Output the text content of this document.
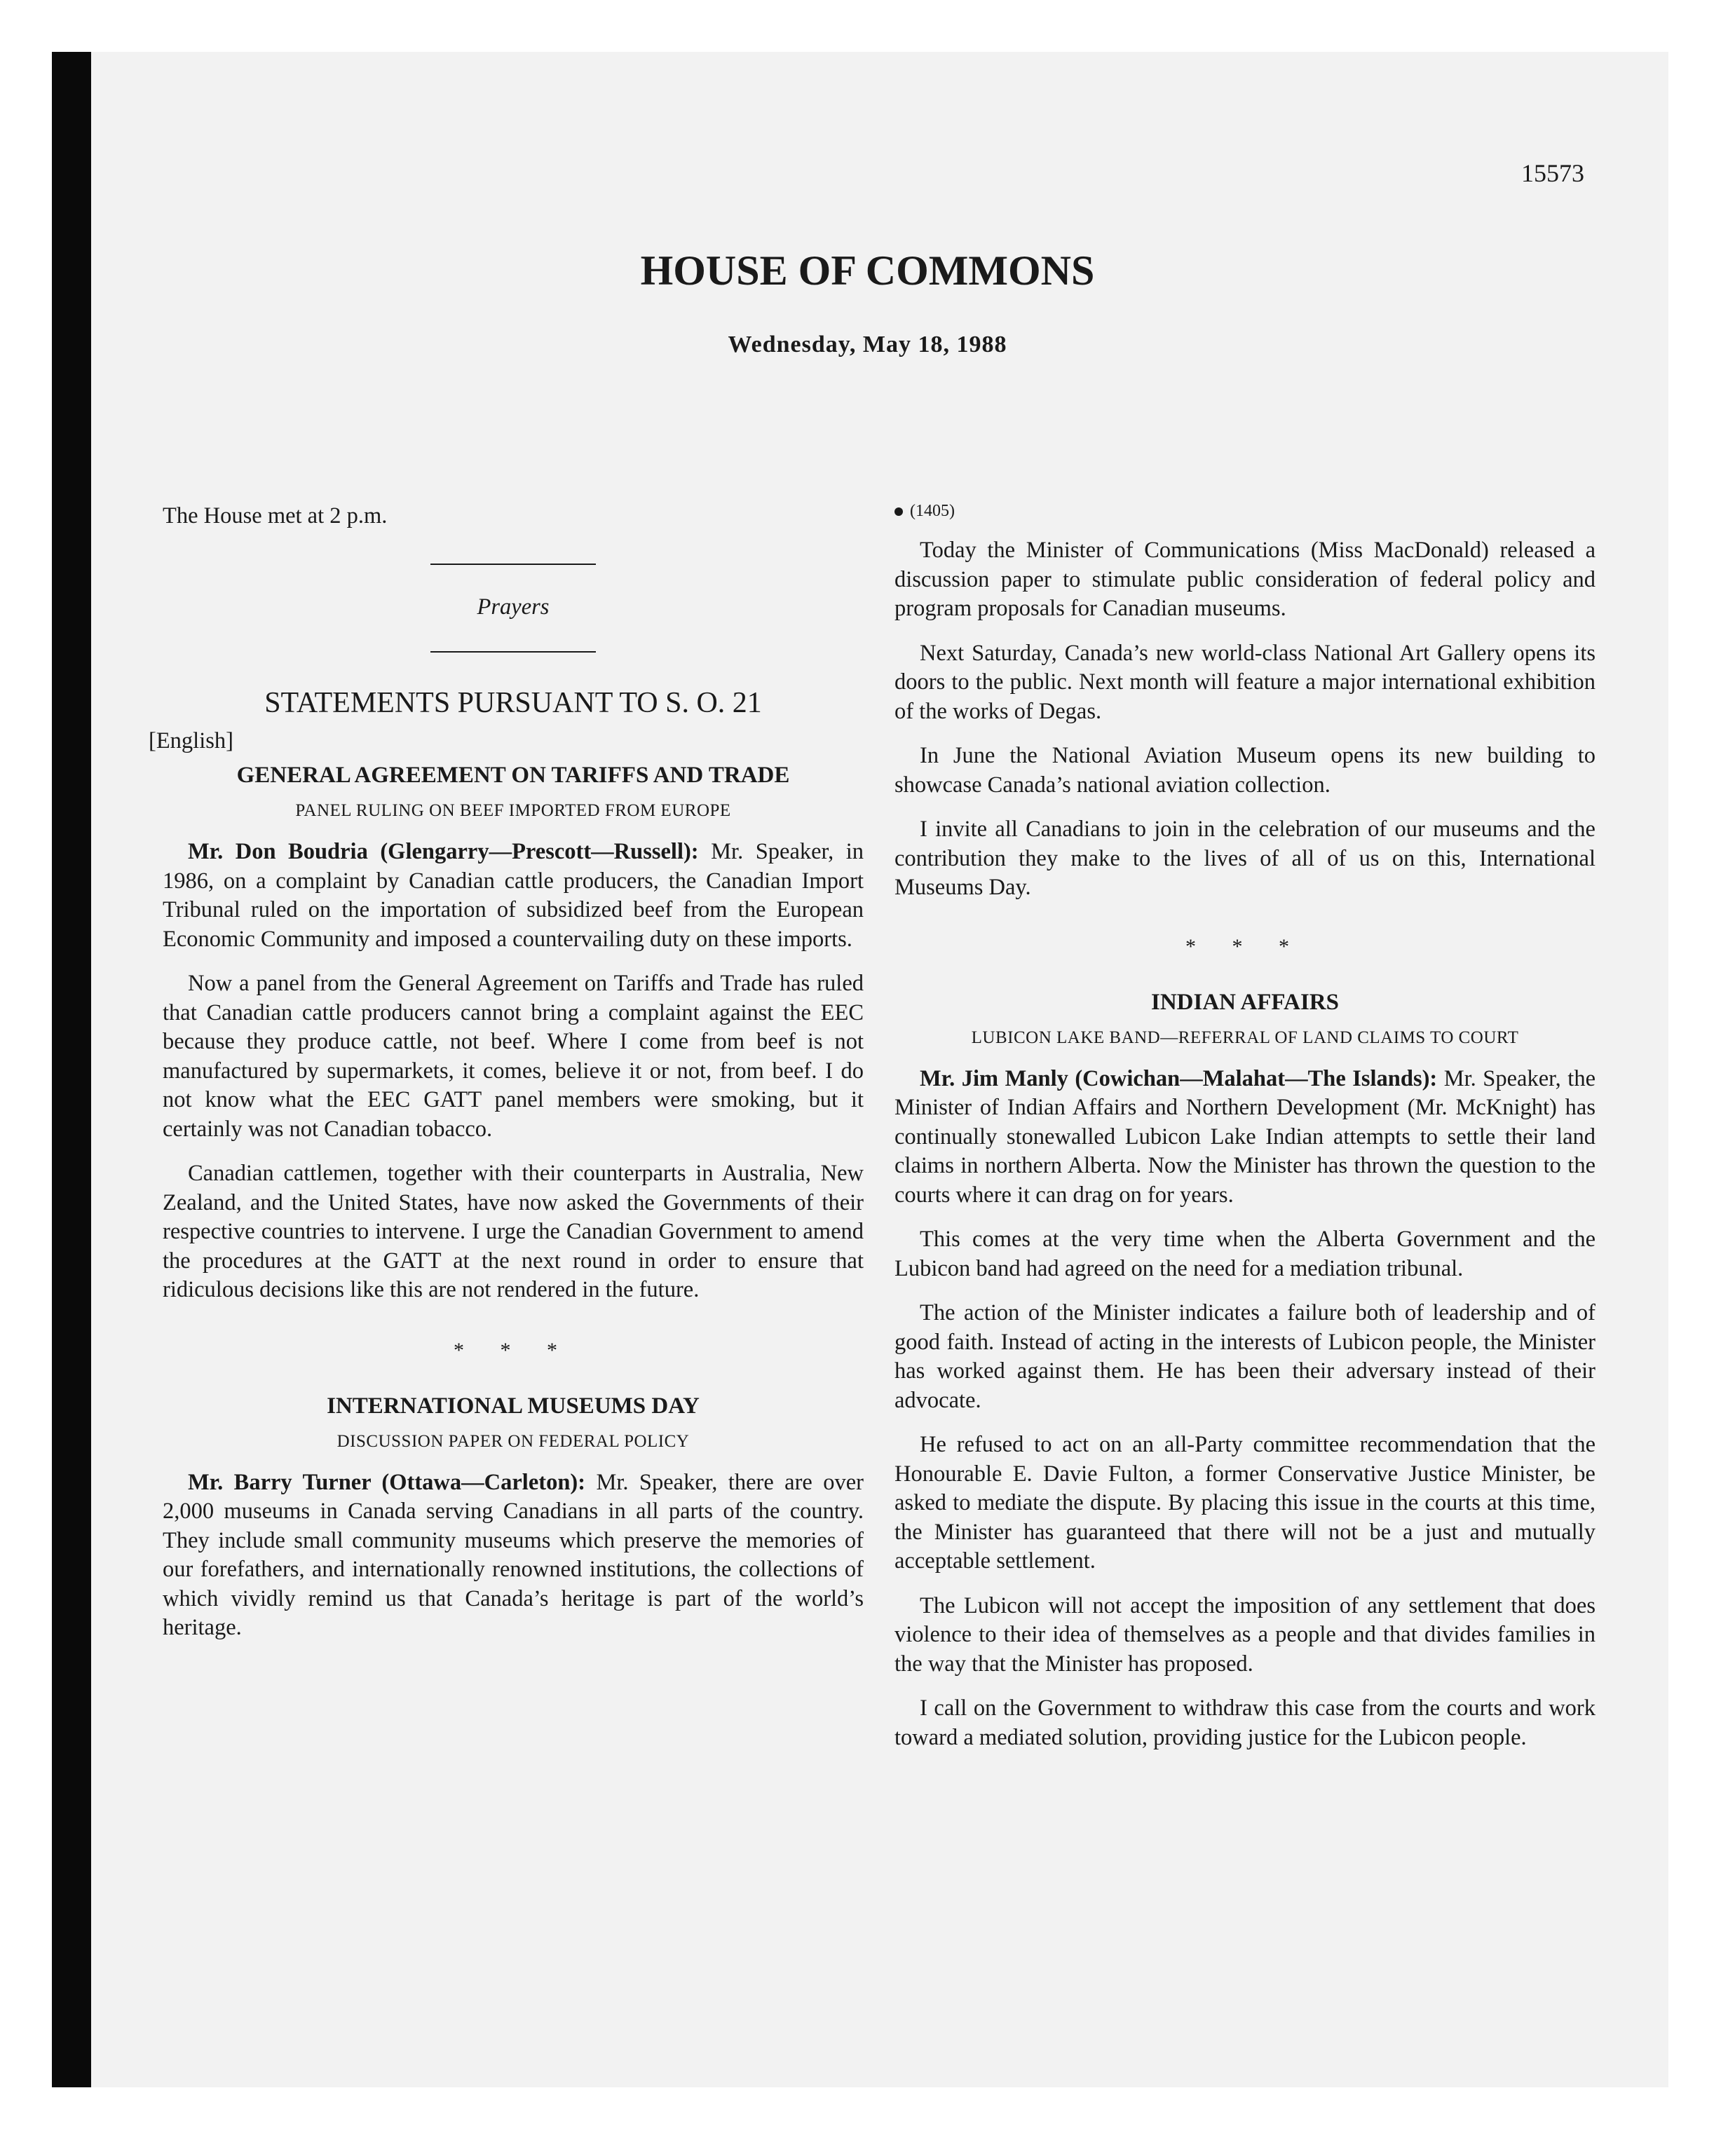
15573
HOUSE OF COMMONS
Wednesday, May 18, 1988

The House met at 2 p.m.

Prayers

STATEMENTS PURSUANT TO S. O. 21

[English]

GENERAL AGREEMENT ON TARIFFS AND TRADE

PANEL RULING ON BEEF IMPORTED FROM EUROPE

Mr. Don Boudria (Glengarry—Prescott—Russell): Mr. Speaker, in 1986, on a complaint by Canadian cattle producers, the Canadian Import Tribunal ruled on the importation of subsidized beef from the European Economic Community and imposed a countervailing duty on these imports.

Now a panel from the General Agreement on Tariffs and Trade has ruled that Canadian cattle producers cannot bring a complaint against the EEC because they produce cattle, not beef. Where I come from beef is not manufactured by supermarkets, it comes, believe it or not, from beef. I do not know what the EEC GATT panel members were smoking, but it certainly was not Canadian tobacco.

Canadian cattlemen, together with their counterparts in Australia, New Zealand, and the United States, have now asked the Governments of their respective countries to intervene. I urge the Canadian Government to amend the procedures at the GATT at the next round in order to ensure that ridiculous decisions like this are not rendered in the future.

* * *

INTERNATIONAL MUSEUMS DAY

DISCUSSION PAPER ON FEDERAL POLICY

Mr. Barry Turner (Ottawa—Carleton): Mr. Speaker, there are over 2,000 museums in Canada serving Canadians in all parts of the country. They include small community museums which preserve the memories of our forefathers, and internationally renowned institutions, the collections of which vividly remind us that Canada’s heritage is part of the world’s heritage.

(1405)

Today the Minister of Communications (Miss MacDonald) released a discussion paper to stimulate public consideration of federal policy and program proposals for Canadian museums.

Next Saturday, Canada’s new world-class National Art Gallery opens its doors to the public. Next month will feature a major international exhibition of the works of Degas.

In June the National Aviation Museum opens its new building to showcase Canada’s national aviation collection.

I invite all Canadians to join in the celebration of our museums and the contribution they make to the lives of all of us on this, International Museums Day.

* * *

INDIAN AFFAIRS

LUBICON LAKE BAND—REFERRAL OF LAND CLAIMS TO COURT

Mr. Jim Manly (Cowichan—Malahat—The Islands): Mr. Speaker, the Minister of Indian Affairs and Northern Development (Mr. McKnight) has continually stonewalled Lubicon Lake Indian attempts to settle their land claims in northern Alberta. Now the Minister has thrown the question to the courts where it can drag on for years.

This comes at the very time when the Alberta Government and the Lubicon band had agreed on the need for a mediation tribunal.

The action of the Minister indicates a failure both of leadership and of good faith. Instead of acting in the interests of Lubicon people, the Minister has worked against them. He has been their adversary instead of their advocate.

He refused to act on an all-Party committee recommendation that the Honourable E. Davie Fulton, a former Conservative Justice Minister, be asked to mediate the dispute. By placing this issue in the courts at this time, the Minister has guaranteed that there will not be a just and mutually acceptable settlement.

The Lubicon will not accept the imposition of any settlement that does violence to their idea of themselves as a people and that divides families in the way that the Minister has proposed.

I call on the Government to withdraw this case from the courts and work toward a mediated solution, providing justice for the Lubicon people.
